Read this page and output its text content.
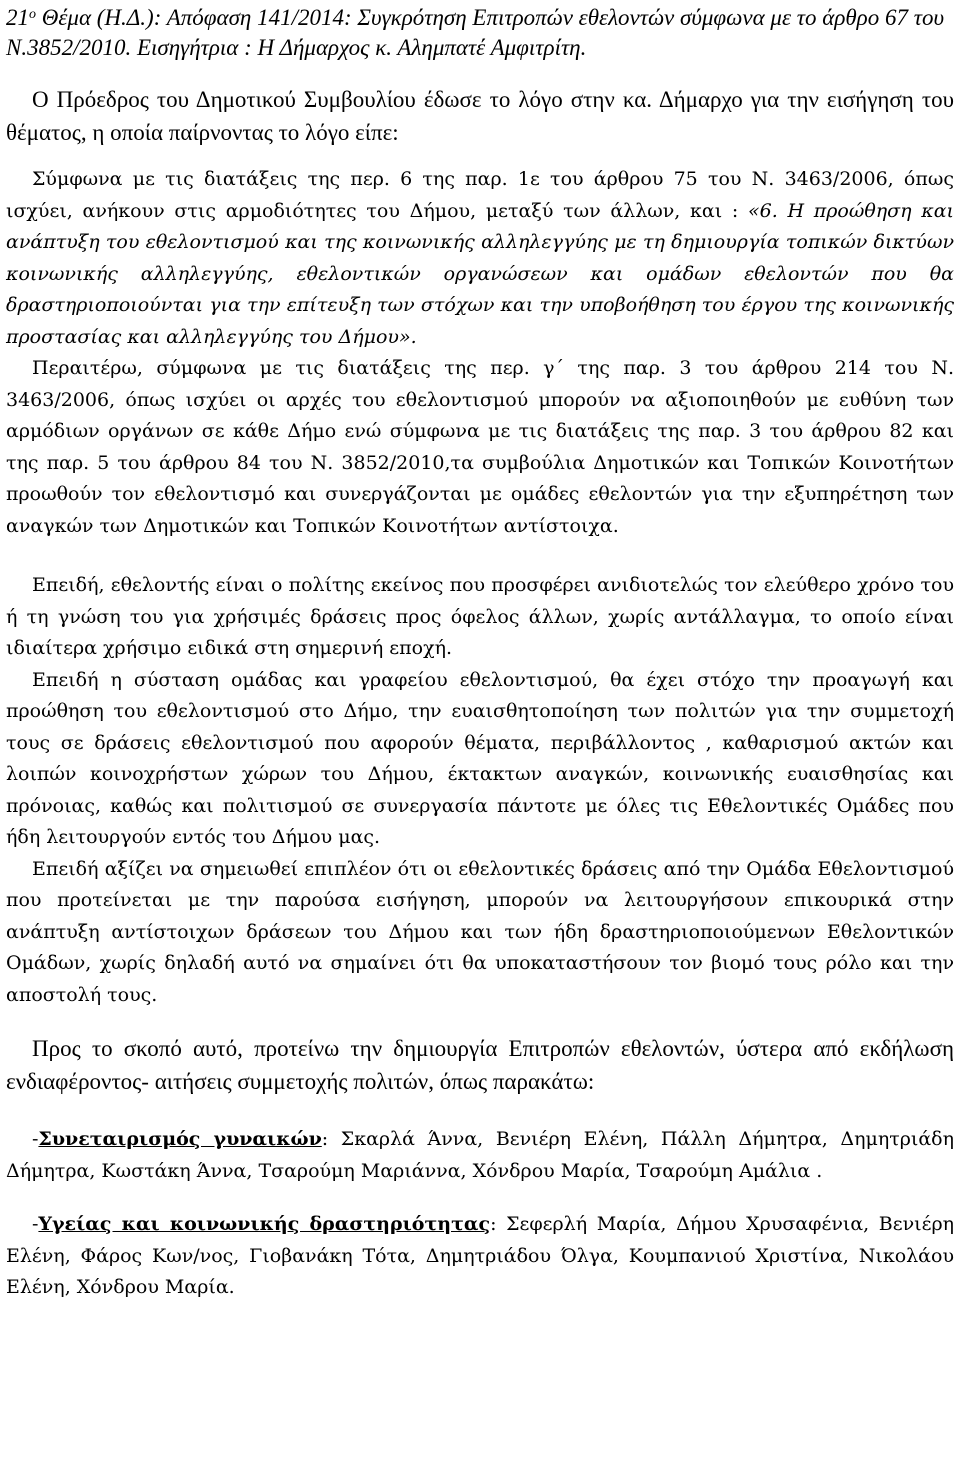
$21^o$ Θέμα (Η.Δ.): Απόφαση 141/2014: Συγκρότηση Επιτροπών εθελοντών σύμφωνα με το άρθρο 67 του Ν.3852/2010. Εισηγήτρια : Η Δήμαρχος κ. Αλημπατέ Αμφιτρίτη.

Ο Πρόεδρος του Δημοτικού Συμβουλίου έδωσε το λόγο στην κα. Δήμαρχο για την εισήγηση του θέματος, η οποία παίρνοντας το λόγο είπε:

Σύμφωνα με τις διατάξεις της περ. 6 της παρ. 1ε του άρθρου 75 του Ν. 3463/2006, όπως ισχύει, ανήκουν στις αρμοδιότητες του Δήμου, μεταξύ των άλλων, και : «6. Η προώθηση και ανάπτυξη του εθελοντισμού και της κοινωνικής αλληλεγγύης με τη δημιουργία τοπικών δικτύων κοινωνικής αλληλεγγύης, εθελοντικών οργανώσεων και ομάδων εθελοντών που θα δραστηριοποιούνται για την επίτευξη των στόχων και την υποβοήθηση του έργου της κοινωνικής προστασίας και αλληλεγγύης του Δήμου».

Περαιτέρω, σύμφωνα με τις διατάξεις της περ. γ΄ της παρ. 3 του άρθρου 214 του Ν. 3463/2006, όπως ισχύει οι αρχές του εθελοντισμού μπορούν να αξιοποιηθούν με ευθύνη των αρμόδιων οργάνων σε κάθε Δήμο ενώ σύμφωνα με τις διατάξεις της παρ. 3 του άρθρου 82 και της παρ. 5 του άρθρου 84 του Ν. 3852/2010,τα συμβούλια Δημοτικών και Τοπικών Κοινοτήτων προωθούν τον εθελοντισμό και συνεργάζονται με ομάδες εθελοντών για την εξυπηρέτηση των αναγκών των Δημοτικών και Τοπικών Κοινοτήτων αντίστοιχα.

Επειδή, εθελοντής είναι ο πολίτης εκείνος που προσφέρει ανιδιοτελώς τον ελεύθερο χρόνο του ή τη γνώση του για χρήσιμές δράσεις προς όφελος άλλων, χωρίς αντάλλαγμα, το οποίο είναι ιδιαίτερα χρήσιμο ειδικά στη σημερινή εποχή.

Επειδή η σύσταση ομάδας και γραφείου εθελοντισμού, θα έχει στόχο την προαγωγή και προώθηση του εθελοντισμού στο Δήμο, την ευαισθητοποίηση των πολιτών για την συμμετοχή τους σε δράσεις εθελοντισμού που αφορούν θέματα, περιβάλλοντος , καθαρισμού ακτών και λοιπών κοινοχρήστων χώρων του Δήμου, έκτακτων αναγκών, κοινωνικής ευαισθησίας και πρόνοιας, καθώς και πολιτισμού σε συνεργασία πάντοτε με όλες τις Εθελοντικές Ομάδες που ήδη λειτουργούν εντός του Δήμου μας.

Επειδή αξίζει να σημειωθεί επιπλέον ότι οι εθελοντικές δράσεις από την Ομάδα Εθελοντισμού που προτείνεται με την παρούσα εισήγηση, μπορούν να λειτουργήσουν επικουρικά στην ανάπτυξη αντίστοιχων δράσεων του Δήμου και των ήδη δραστηριοποιούμενων Εθελοντικών Ομάδων, χωρίς δηλαδή αυτό να σημαίνει ότι θα υποκαταστήσουν τον βιομό τους ρόλο και την αποστολή τους.

Προς το σκοπό αυτό, προτείνω την δημιουργία Επιτροπών εθελοντών, ύστερα από εκδήλωση ενδιαφέροντος- αιτήσεις συμμετοχής πολιτών, όπως παρακάτω:

-Συνεταιρισμός γυναικών: Σκαρλά Άννα, Βενιέρη Ελένη, Πάλλη Δήμητρα, Δημητριάδη Δήμητρα, Κωστάκη Άννα, Τσαρούμη Μαριάννα, Χόνδρου Μαρία, Τσαρούμη Αμάλια .

-Υγείας και κοινωνικής δραστηριότητας: Σεφερλή Μαρία, Δήμου Χρυσαφένια, Βενιέρη Ελένη, Φάρος Κων/νος, Γιοβανάκη Τότα, Δημητριάδου Όλγα, Κουμπανιού Χριστίνα, Νικολάου Ελένη, Χόνδρου Μαρία.
